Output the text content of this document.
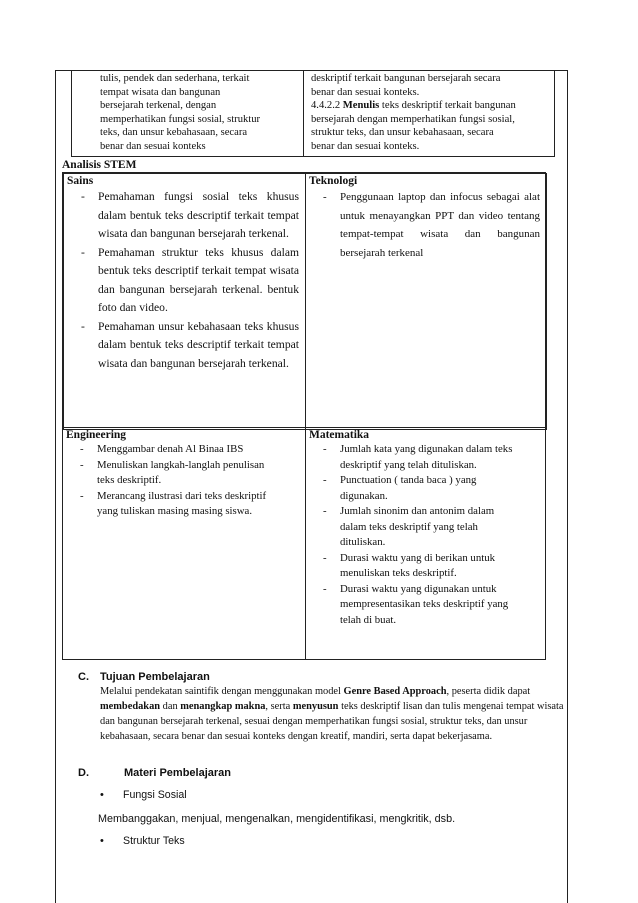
tulis, pendek dan sederhana, terkait
tempat wisata dan bangunan
bersejarah terkenal, dengan
memperhatikan fungsi sosial, struktur
teks, dan unsur kebahasaan, secara
benar dan sesuai konteks
deskriptif terkait bangunan bersejarah secara
benar dan sesuai konteks.
4.4.2.2 Menulis teks deskriptif terkait bangunan
bersejarah dengan memperhatikan fungsi sosial,
struktur teks, dan unsur kebahasaan, secara
benar dan sesuai konteks.
Analisis STEM
Sains
- Pemahaman fungsi sosial teks khusus dalam bentuk teks descriptif terkait tempat wisata dan bangunan bersejarah terkenal.
- Pemahaman struktur teks khusus dalam bentuk teks descriptif terkait tempat wisata dan bangunan bersejarah terkenal. bentuk foto dan video.
- Pemahaman unsur kebahasaan teks khusus dalam bentuk teks descriptif terkait tempat wisata dan bangunan bersejarah terkenal.
Teknologi
- Penggunaan laptop dan infocus sebagai alat untuk menayangkan PPT dan video tentang tempat-tempat wisata dan bangunan bersejarah terkenal
Engineering
- Menggambar denah Al Binaa IBS
- Menuliskan langkah-langlah penulisan teks deskriptif.
- Merancang ilustrasi dari teks deskriptif yang tuliskan masing masing siswa.
Matematika
- Jumlah kata yang digunakan dalam teks deskriptif yang telah dituliskan.
- Punctuation ( tanda baca ) yang digunakan.
- Jumlah sinonim dan antonim dalam dalam teks deskriptif yang telah dituliskan.
- Durasi waktu yang di berikan untuk menuliskan teks deskriptif.
- Durasi waktu yang digunakan untuk mempresentasikan teks deskriptif yang telah di buat.
C. Tujuan Pembelajaran
Melalui pendekatan saintifik dengan menggunakan model Genre Based Approach, peserta didik dapat membedakan dan menangkap makna, serta menyusun teks deskriptif lisan dan tulis mengenai tempat wisata dan bangunan bersejarah terkenal, sesuai dengan memperhatikan fungsi sosial, struktur teks, dan unsur kebahasaan, secara benar dan sesuai konteks dengan kreatif, mandiri, serta dapat bekerjasama.
D.	Materi Pembelajaran
• Fungsi Sosial
Membanggakan, menjual, mengenalkan, mengidentifikasi, mengkritik, dsb.
• Struktur Teks
